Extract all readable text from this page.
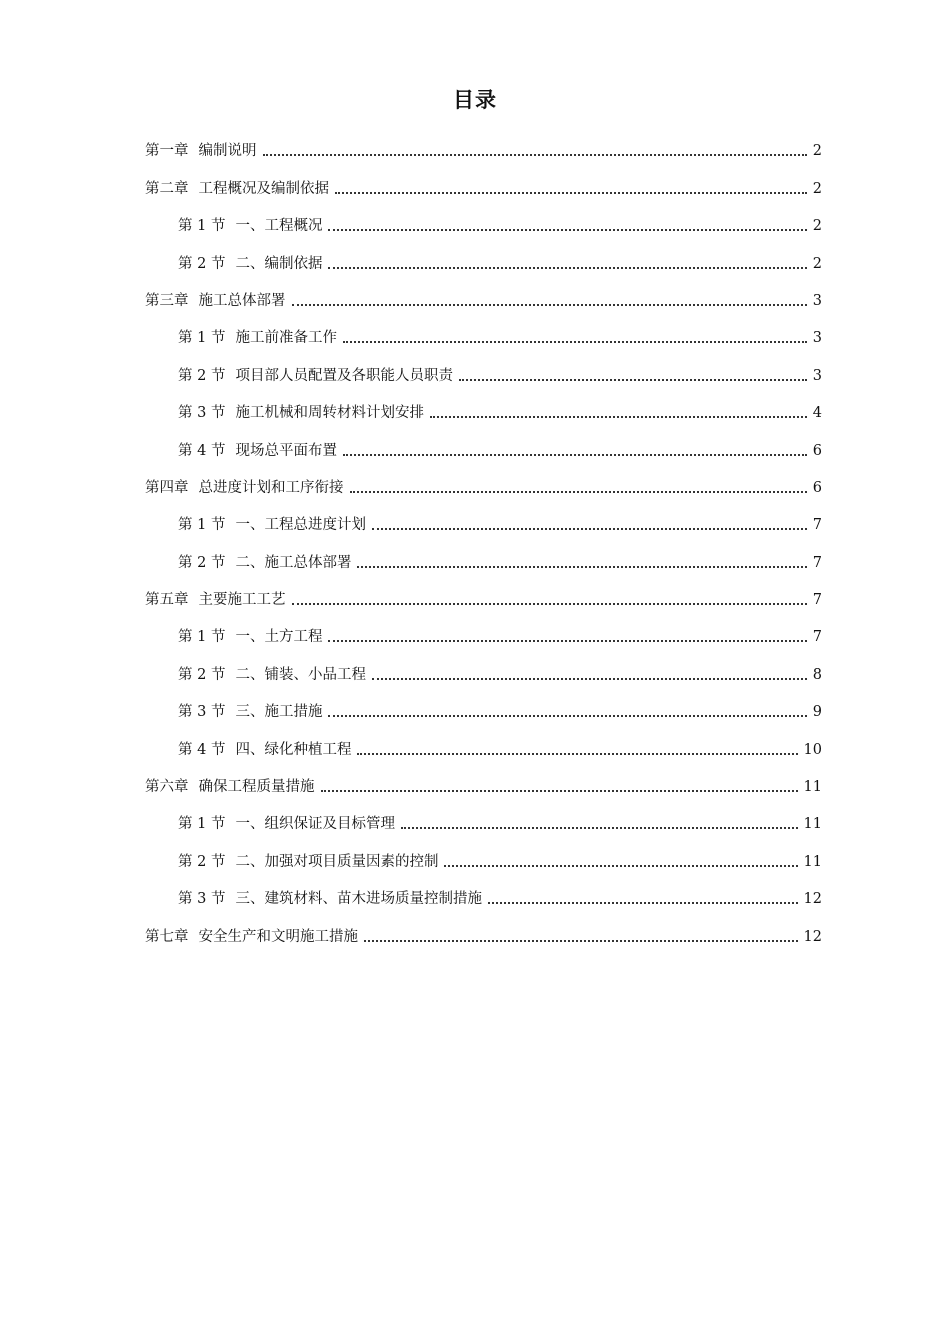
目录
第一章 编制说明	2
第二章 工程概况及编制依据	2
第 1 节 一、工程概况	2
第 2 节 二、编制依据	2
第三章 施工总体部署	3
第 1 节 施工前准备工作	3
第 2 节 项目部人员配置及各职能人员职责	3
第 3 节 施工机械和周转材料计划安排	4
第 4 节 现场总平面布置	6
第四章 总进度计划和工序衔接	6
第 1 节 一、工程总进度计划	7
第 2 节 二、施工总体部署	7
第五章 主要施工工艺	7
第 1 节 一、土方工程	7
第 2 节 二、铺装、小品工程	8
第 3 节 三、施工措施	9
第 4 节 四、绿化种植工程	10
第六章 确保工程质量措施	11
第 1 节 一、组织保证及目标管理	11
第 2 节 二、加强对项目质量因素的控制	11
第 3 节 三、建筑材料、苗木进场质量控制措施	12
第七章 安全生产和文明施工措施	12
